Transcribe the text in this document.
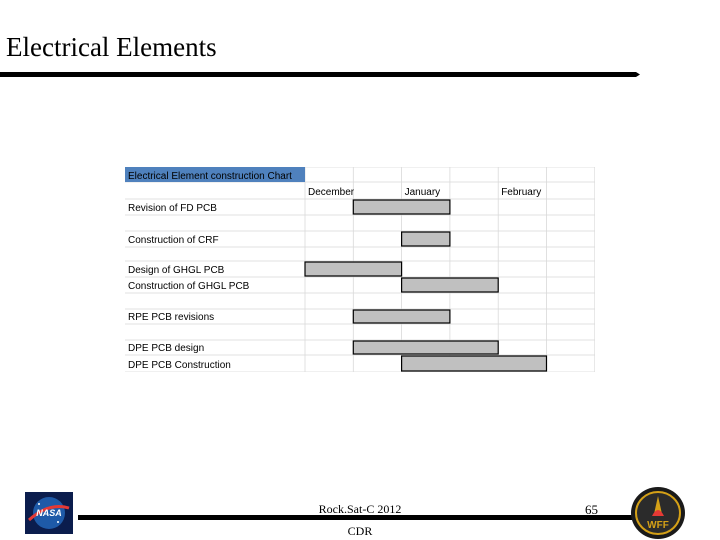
Electrical Elements
Electrical Element construction Chart
December	January	February
Revision of FD PCB
Construction of CRF
Design of GHGL PCB
Construction of GHGL PCB
RPE PCB revisions
DPE PCB design
DPE PCB Construction
Rock.Sat-C 2012
CDR
65
NASA
WFF
